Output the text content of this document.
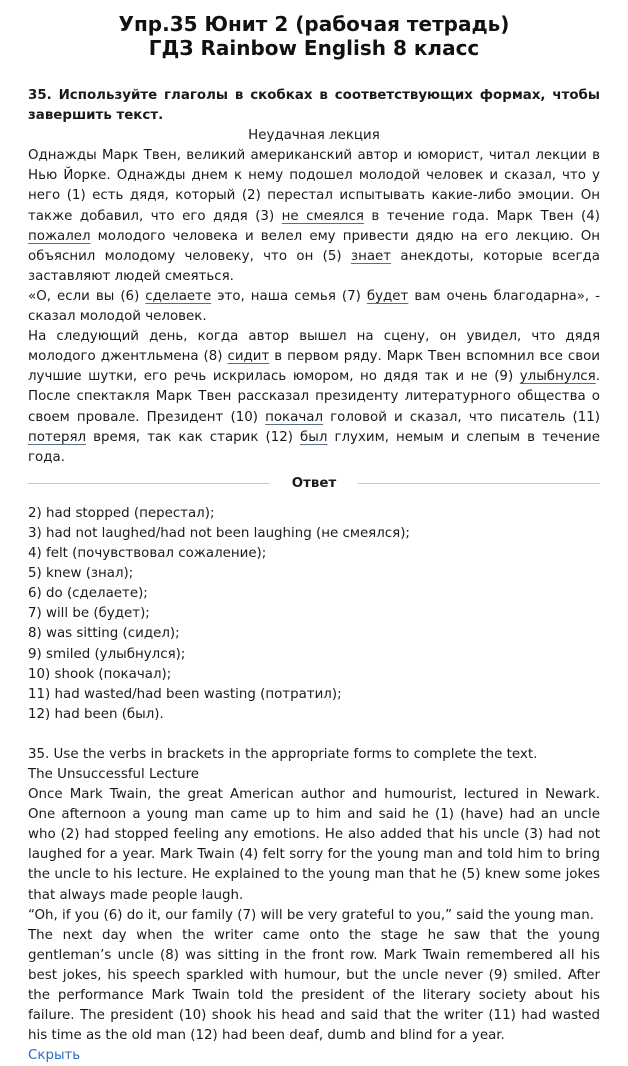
Упр.35 Юнит 2 (рабочая тетрадь)
ГДЗ Rainbow English 8 класс

35. Используйте глаголы в скобках в соответствующих формах, чтобы завершить текст.

Неудачная лекция

Однажды Марк Твен, великий американский автор и юморист, читал лекции в Нью Йорке. Однажды днем к нему подошел молодой человек и сказал, что у него (1) есть дядя, который (2) перестал испытывать какие-либо эмоции. Он также добавил, что его дядя (3) не смеялся в течение года. Марк Твен (4) пожалел молодого человека и велел ему привести дядю на его лекцию. Он объяснил молодому человеку, что он (5) знает анекдоты, которые всегда заставляют людей смеяться.

«О, если вы (6) сделаете это, наша семья (7) будет вам очень благодарна», - сказал молодой человек.

На следующий день, когда автор вышел на сцену, он увидел, что дядя молодого джентльмена (8) сидит в первом ряду. Марк Твен вспомнил все свои лучшие шутки, его речь искрилась юмором, но дядя так и не (9) улыбнулся. После спектакля Марк Твен рассказал президенту литературного общества о своем провале. Президент (10) покачал головой и сказал, что писатель (11) потерял время, так как старик (12) был глухим, немым и слепым в течение года.

Ответ
2) had stopped (перестал);
3) had not laughed/had not been laughing (не смеялся);
4) felt (почувствовал сожаление);
5) knew (знал);
6) do (сделаете);
7) will be (будет);
8) was sitting (сидел);
9) smiled (улыбнулся);
10) shook (покачал);
11) had wasted/had been wasting (потратил);
12) had been (был).

35. Use the verbs in brackets in the appropriate forms to complete the text.

The Unsuccessful Lecture

Once Mark Twain, the great American author and humourist, lectured in Newark. One afternoon a young man came up to him and said he (1) (have) had an uncle who (2) had stopped feeling any emotions. He also added that his uncle (3) had not laughed for a year. Mark Twain (4) felt sorry for the young man and told him to bring the uncle to his lecture. He explained to the young man that he (5) knew some jokes that always made people laugh.

“Oh, if you (6) do it, our family (7) will be very grateful to you,” said the young man.

The next day when the writer came onto the stage he saw that the young gentleman’s uncle (8) was sitting in the front row. Mark Twain remembered all his best jokes, his speech sparkled with humour, but the uncle never (9) smiled. After the performance Mark Twain told the president of the literary society about his failure. The president (10) shook his head and said that the writer (11) had wasted his time as the old man (12) had been deaf, dumb and blind for a year.

Скрыть
